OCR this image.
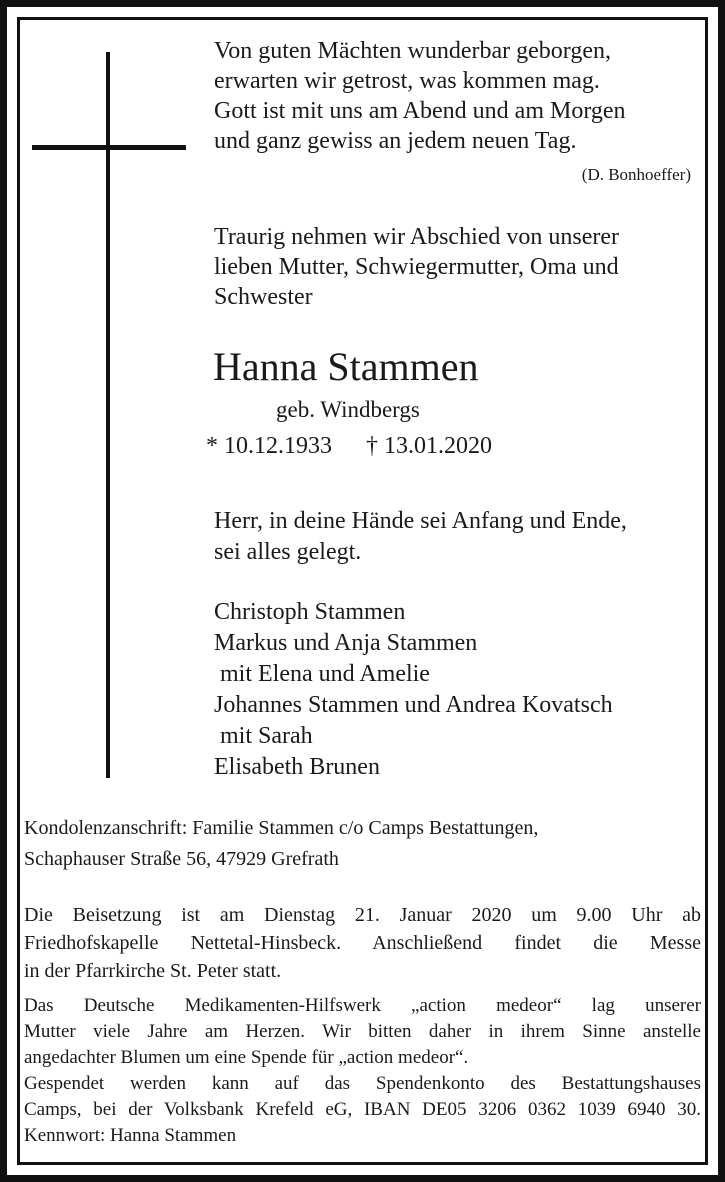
Von guten Mächten wunderbar geborgen,
erwarten wir getrost, was kommen mag.
Gott ist mit uns am Abend und am Morgen
und ganz gewiss an jedem neuen Tag.
(D. Bonhoeffer)
Traurig nehmen wir Abschied von unserer
lieben Mutter, Schwiegermutter, Oma und
Schwester
Hanna Stammen
geb. Windbergs
* 10.12.1933 † 13.01.2020
Herr, in deine Hände sei Anfang und Ende,
sei alles gelegt.
Christoph Stammen
Markus und Anja Stammen
mit Elena und Amelie
Johannes Stammen und Andrea Kovatsch
mit Sarah
Elisabeth Brunen
Kondolenzanschrift: Familie Stammen c/o Camps Bestattungen,
Schaphauser Straße 56, 47929 Grefrath
Die Beisetzung ist am Dienstag 21. Januar 2020 um 9.00 Uhr ab
Friedhofskapelle Nettetal-Hinsbeck. Anschließend findet die Messe
in der Pfarrkirche St. Peter statt.
Das Deutsche Medikamenten-Hilfswerk „action medeor“ lag unserer
Mutter viele Jahre am Herzen. Wir bitten daher in ihrem Sinne anstelle
angedachter Blumen um eine Spende für „action medeor“.
Gespendet werden kann auf das Spendenkonto des Bestattungshauses
Camps, bei der Volksbank Krefeld eG, IBAN DE05 3206 0362 1039 6940 30.
Kennwort: Hanna Stammen
